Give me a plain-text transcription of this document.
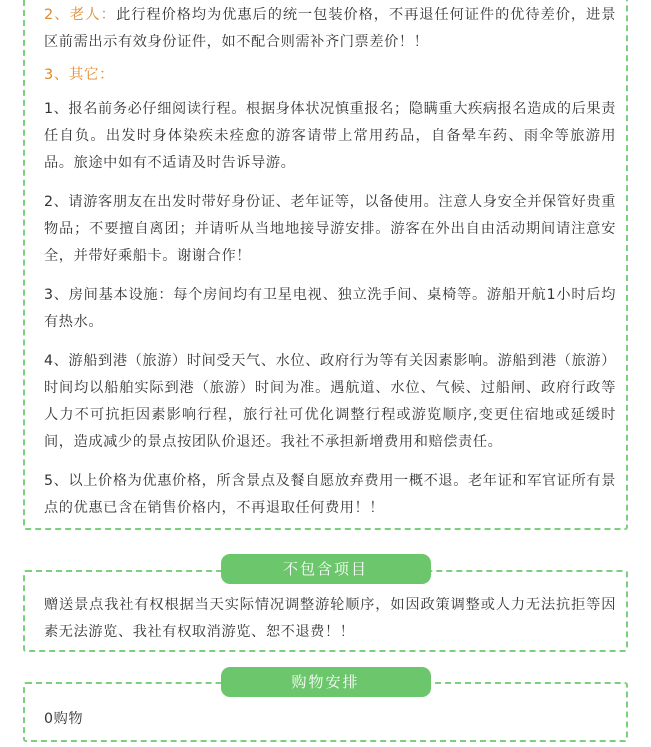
2、老人：此行程价格均为优惠后的统一包装价格，不再退任何证件的优待差价，进景区前需出示有效身份证件，如不配合则需补齐门票差价！！

3、其它：

1、报名前务必仔细阅读行程。根据身体状况慎重报名；隐瞒重大疾病报名造成的后果责任自负。出发时身体染疾未痊愈的游客请带上常用药品，自备晕车药、雨伞等旅游用品。旅途中如有不适请及时告诉导游。

2、请游客朋友在出发时带好身份证、老年证等，以备使用。注意人身安全并保管好贵重物品；不要擅自离团；并请听从当地地接导游安排。游客在外出自由活动期间请注意安全，并带好乘船卡。谢谢合作！

3、房间基本设施：每个房间均有卫星电视、独立洗手间、桌椅等。游船开航1小时后均有热水。

4、游船到港（旅游）时间受天气、水位、政府行为等有关因素影响。游船到港（旅游）时间均以船舶实际到港（旅游）时间为准。遇航道、水位、气候、过船闸、政府行政等人力不可抗拒因素影响行程，旅行社可优化调整行程或游览顺序,变更住宿地或延缓时间，造成减少的景点按团队价退还。我社不承担新增费用和赔偿责任。

5、以上价格为优惠价格，所含景点及餐自愿放弃费用一概不退。老年证和军官证所有景点的优惠已含在销售价格内，不再退取任何费用！！

赠送景点我社有权根据当天实际情况调整游轮顺序，如因政策调整或人力无法抗拒等因素无法游览、我社有权取消游览、恕不退费！！

不包含项目

0购物

购物安排
